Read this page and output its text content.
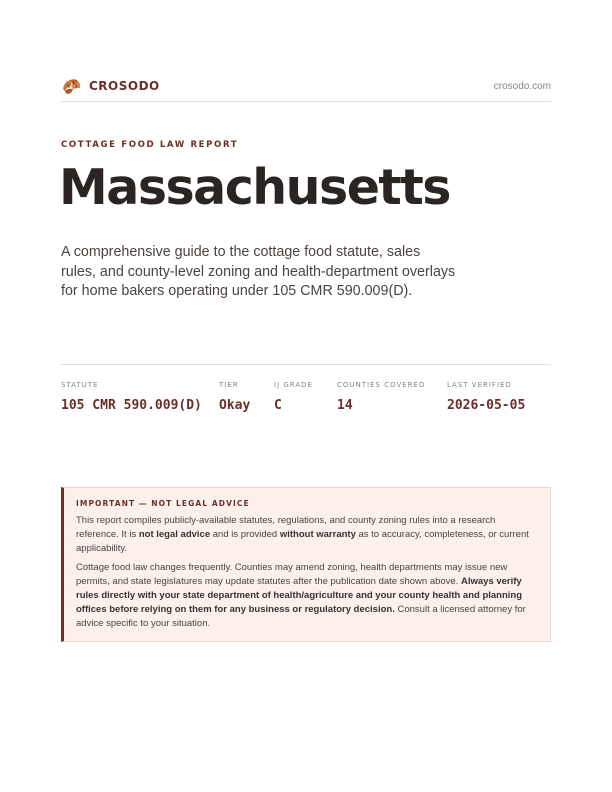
CROSODO	crosodo.com
COTTAGE FOOD LAW REPORT
Massachusetts

A comprehensive guide to the cottage food statute, sales rules, and county-level zoning and health-department overlays for home bakers operating under 105 CMR 590.009(D).

STATUTE
105 CMR 590.009(D)
TIER
Okay
IJ GRADE
C
COUNTIES COVERED
14
LAST VERIFIED
2026-05-05
IMPORTANT — NOT LEGAL ADVICE

This report compiles publicly-available statutes, regulations, and county zoning rules into a research reference. It is not legal advice and is provided without warranty as to accuracy, completeness, or current applicability.

Cottage food law changes frequently. Counties may amend zoning, health departments may issue new permits, and state legislatures may update statutes after the publication date shown above. Always verify rules directly with your state department of health/agriculture and your county health and planning offices before relying on them for any business or regulatory decision. Consult a licensed attorney for advice specific to your situation.
